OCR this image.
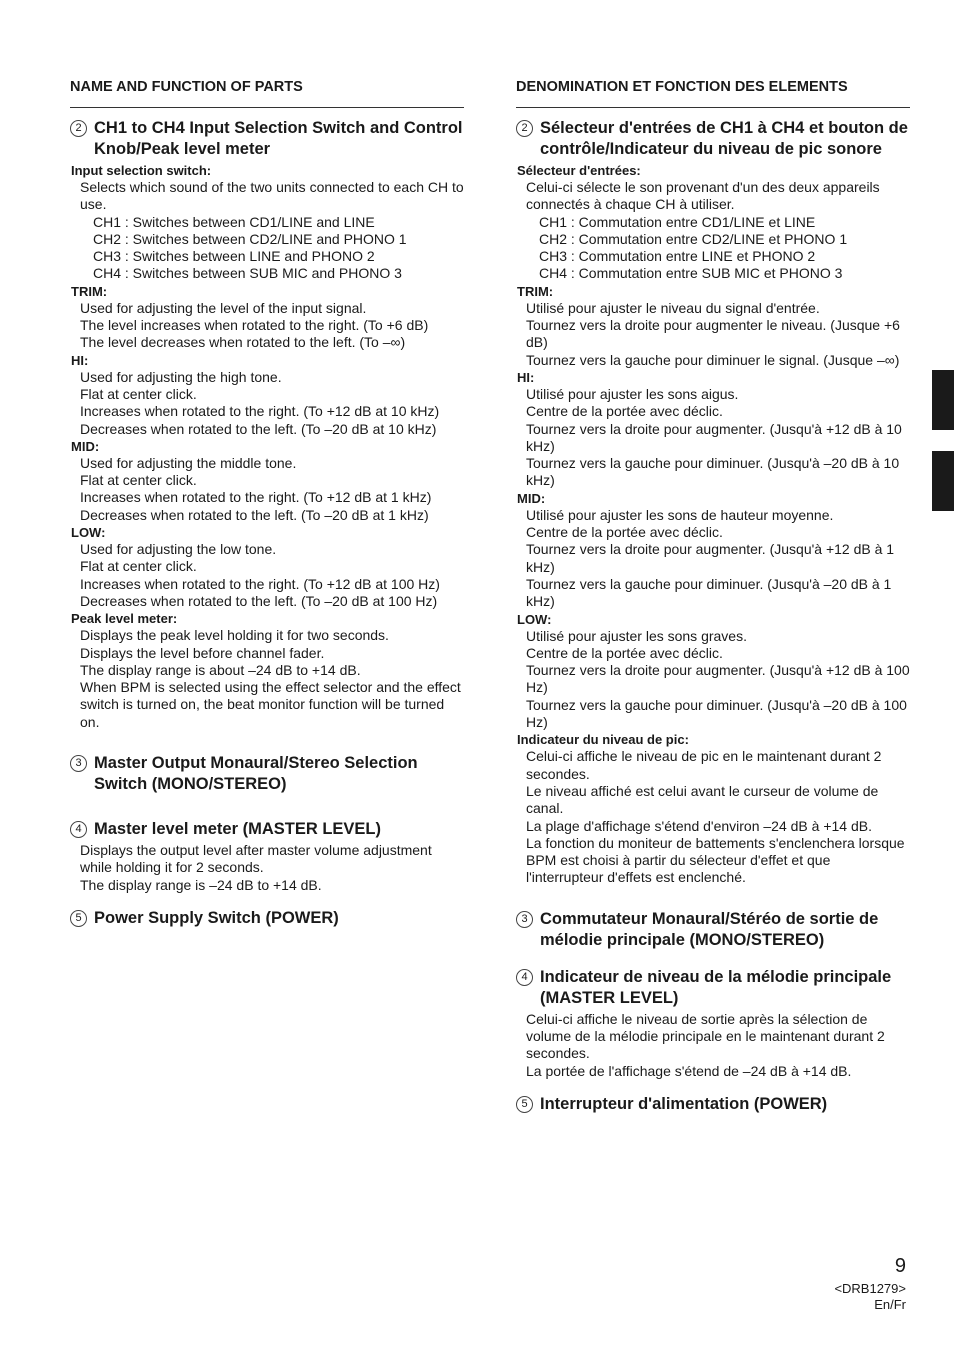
NAME AND FUNCTION OF PARTS
2 CH1 to CH4 Input Selection Switch and Control Knob/Peak level meter
Input selection switch:
Selects which sound of the two units connected to each CH to use.
CH1 : Switches between CD1/LINE and LINE
CH2 : Switches between CD2/LINE and PHONO 1
CH3 : Switches between LINE and PHONO 2
CH4 : Switches between SUB MIC and PHONO 3
TRIM:
Used for adjusting the level of the input signal.
The level increases when rotated to the right. (To +6 dB)
The level decreases when rotated to the left. (To –∞)
HI:
Used for adjusting the high tone.
Flat at center click.
Increases when rotated to the right. (To +12 dB at 10 kHz)
Decreases when rotated to the left. (To –20 dB at 10 kHz)
MID:
Used for adjusting the middle tone.
Flat at center click.
Increases when rotated to the right. (To +12 dB at 1 kHz)
Decreases when rotated to the left. (To –20 dB at 1 kHz)
LOW:
Used for adjusting the low tone.
Flat at center click.
Increases when rotated to the right. (To +12 dB at 100 Hz)
Decreases when rotated to the left. (To –20 dB at 100 Hz)
Peak level meter:
Displays the peak level holding it for two seconds.
Displays the level before channel fader.
The display range is about –24 dB to +14 dB.
When BPM is selected using the effect selector and the effect switch is turned on, the beat monitor function will be turned on.
3 Master Output Monaural/Stereo Selection Switch (MONO/STEREO)
4 Master level meter (MASTER LEVEL)
Displays the output level after master volume adjustment while holding it for 2 seconds.
The display range is –24 dB to +14 dB.
5 Power Supply Switch (POWER)
DENOMINATION ET FONCTION DES ELEMENTS
2 Sélecteur d'entrées de CH1 à CH4 et bouton de contrôle/Indicateur du niveau de pic sonore
Sélecteur d'entrées:
Celui-ci sélecte le son provenant d'un des deux appareils connectés à chaque CH à utiliser.
CH1 : Commutation entre CD1/LINE et LINE
CH2 : Commutation entre CD2/LINE et PHONO 1
CH3 : Commutation entre LINE et PHONO 2
CH4 : Commutation entre SUB MIC et PHONO 3
TRIM:
Utilisé pour ajuster le niveau du signal d'entrée.
Tournez vers la droite pour augmenter le niveau. (Jusque +6 dB)
Tournez vers la gauche pour diminuer le signal. (Jusque –∞)
HI:
Utilisé pour ajuster les sons aigus.
Centre de la portée avec déclic.
Tournez vers la droite pour augmenter. (Jusqu'à +12 dB à 10 kHz)
Tournez vers la gauche pour diminuer. (Jusqu'à –20 dB à 10 kHz)
MID:
Utilisé pour ajuster les sons de hauteur moyenne.
Centre de la portée avec déclic.
Tournez vers la droite pour augmenter. (Jusqu'à +12 dB à 1 kHz)
Tournez vers la gauche pour diminuer. (Jusqu'à –20 dB à 1 kHz)
LOW:
Utilisé pour ajuster les sons graves.
Centre de la portée avec déclic.
Tournez vers la droite pour augmenter. (Jusqu'à +12 dB à 100 Hz)
Tournez vers la gauche pour diminuer. (Jusqu'à –20 dB à 100 Hz)
Indicateur du niveau de pic:
Celui-ci affiche le niveau de pic en le maintenant durant 2 secondes.
Le niveau affiché est celui avant le curseur de volume de canal.
La plage d'affichage s'étend d'environ –24 dB à +14 dB.
La fonction du moniteur de battements s'enclenchera lorsque BPM est choisi à partir du sélecteur d'effet et que l'interrupteur d'effets est enclenché.
3 Commutateur Monaural/Stéréo de sortie de mélodie principale (MONO/STEREO)
4 Indicateur de niveau de la mélodie principale (MASTER LEVEL)
Celui-ci affiche le niveau de sortie après la sélection de volume de la mélodie principale en le maintenant durant 2 secondes.
La portée de l'affichage s'étend de –24 dB à +14 dB.
5 Interrupteur d'alimentation (POWER)
9
<DRB1279>
En/Fr
